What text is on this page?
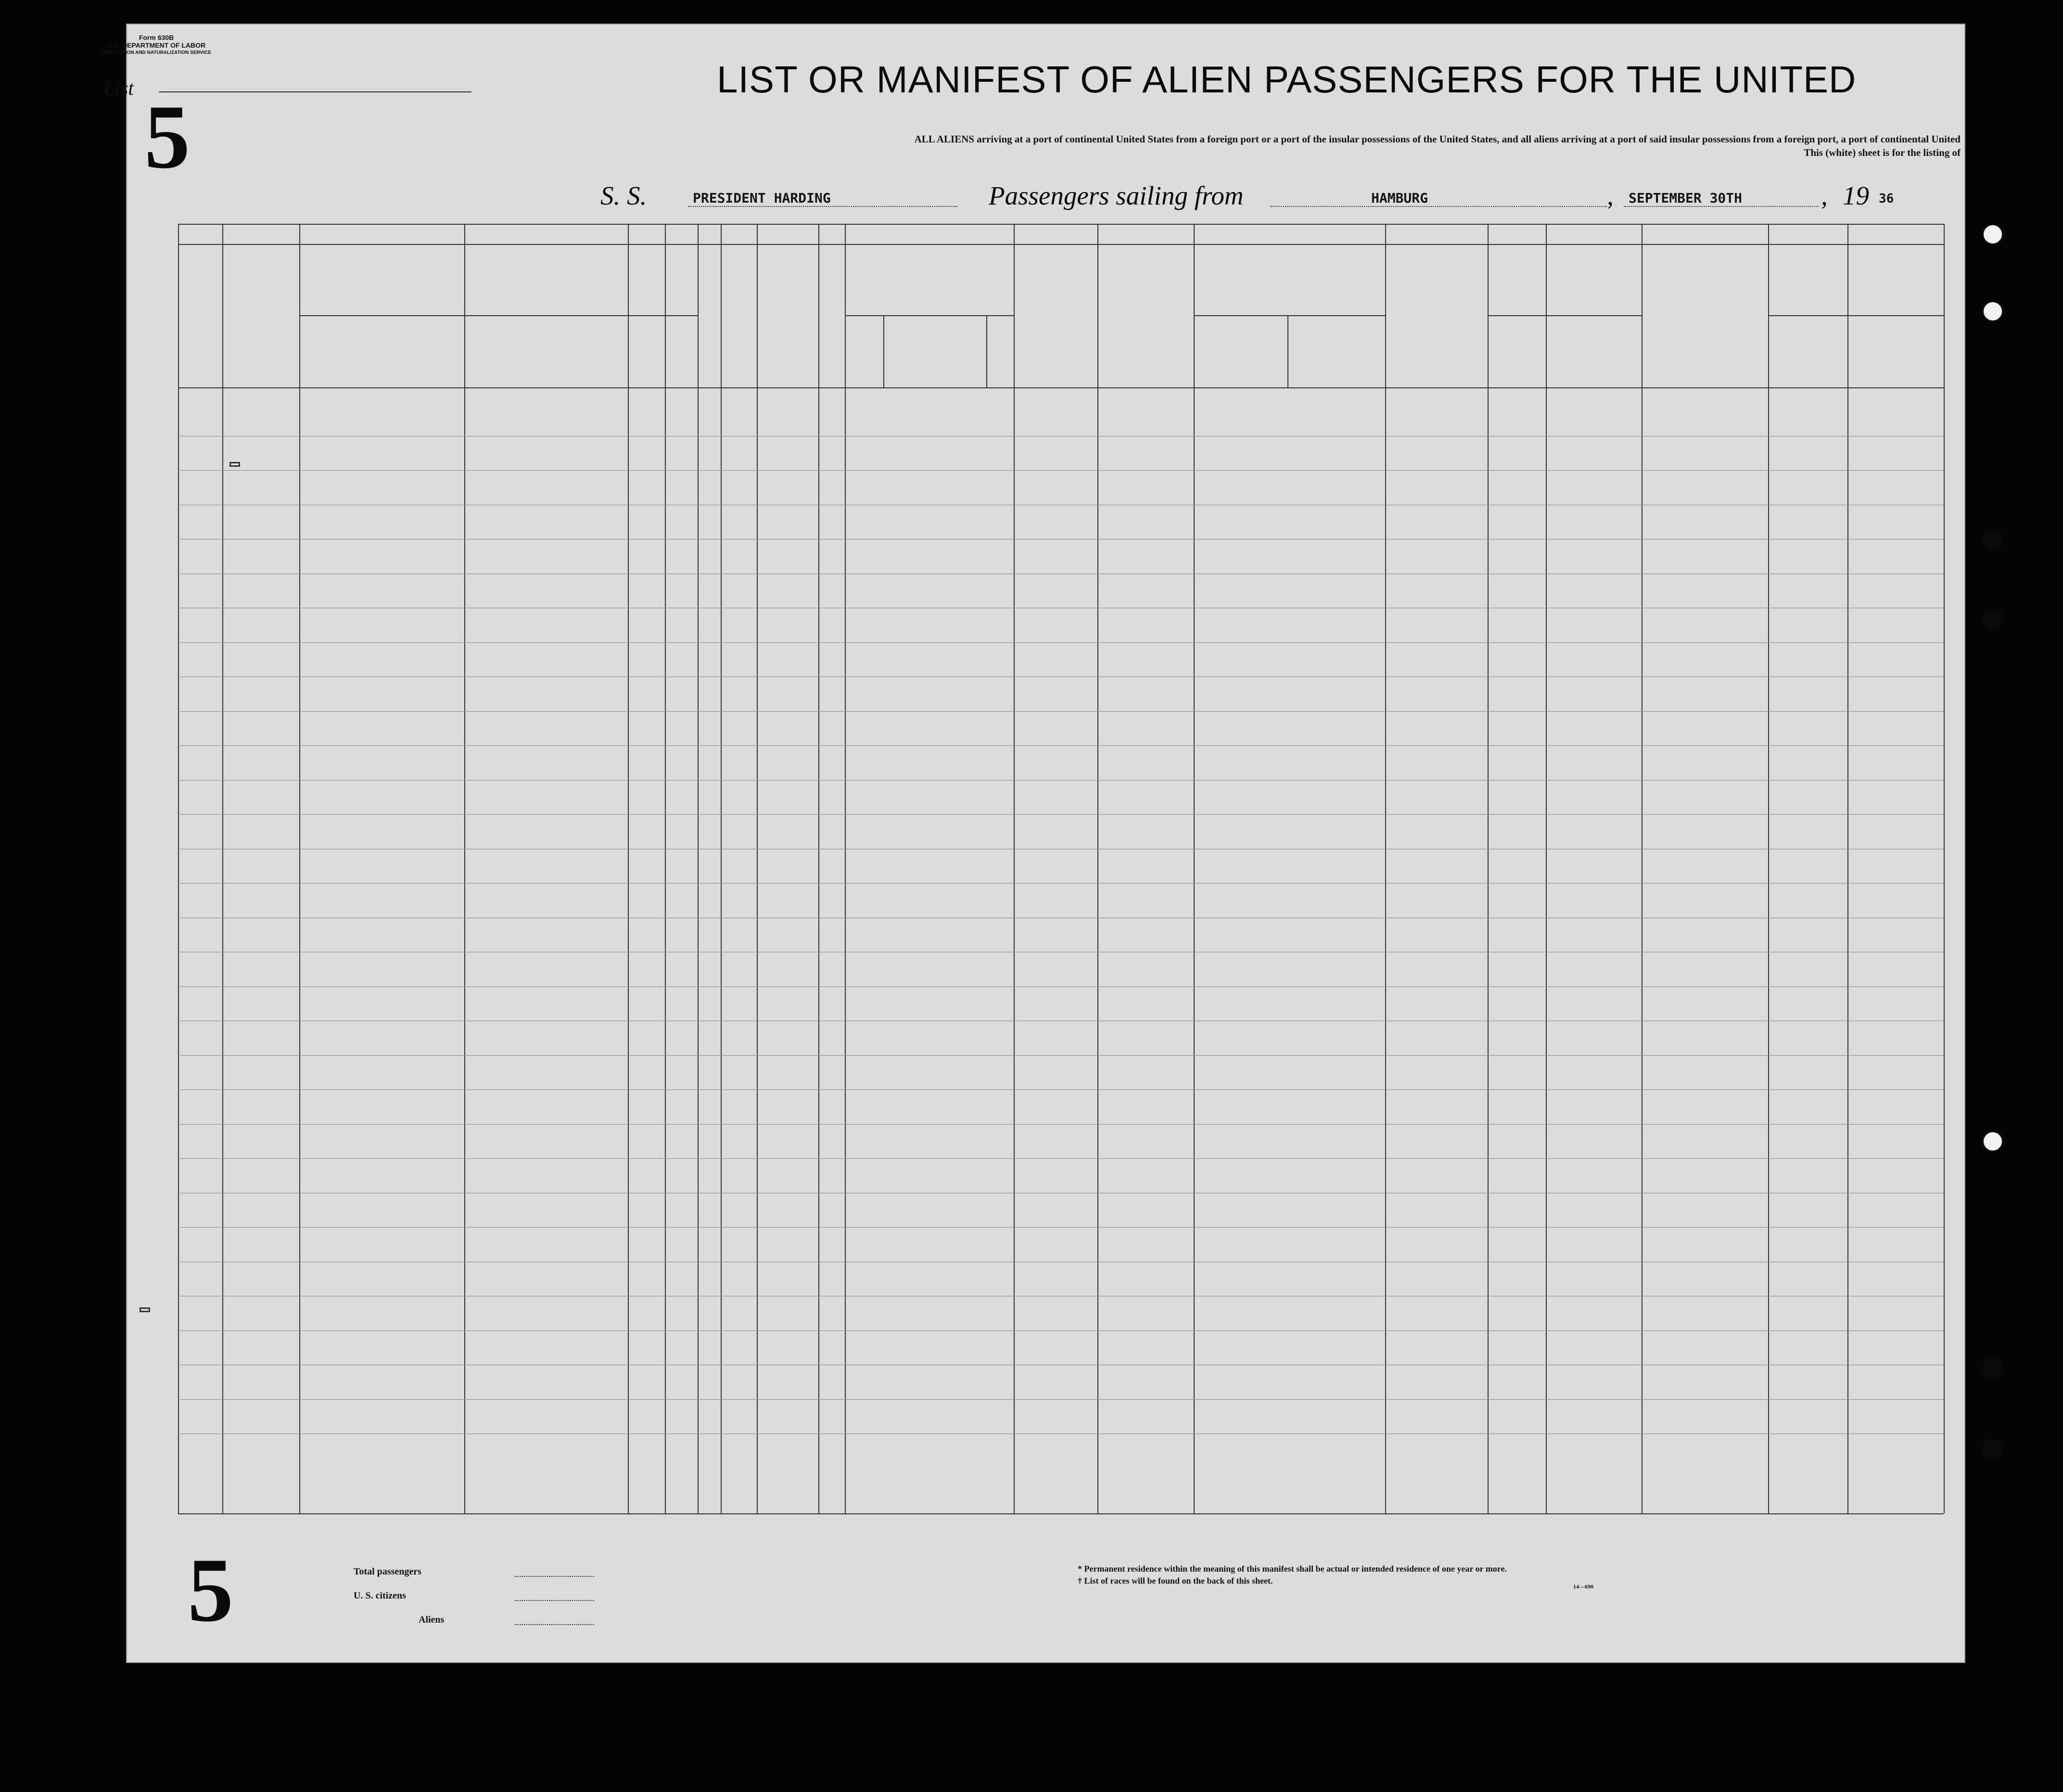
Form 630B
U.S. DEPARTMENT OF LABOR
IMMIGRATION AND NATURALIZATION SERVICE
List 5
LIST OR MANIFEST OF ALIEN PASSENGERS FOR THE UNITED
ALL ALIENS arriving at a port of continental United States from a foreign port or a port of the insular possessions of the United States, and all aliens arriving at a port of said insular possessions from a foreign port, a port of continental United
This (white) sheet is for the listing of
S. S.	PRESIDENT HARDING	Passengers sailing from	HAMBURG	, SEPTEMBER 30TH	, 19 36
5	Total passengers
U. S. citizens
Aliens
* Permanent residence within the meaning of this manifest shall be actual or intended residence of one year or more.
† List of races will be found on the back of this sheet.
14—690
